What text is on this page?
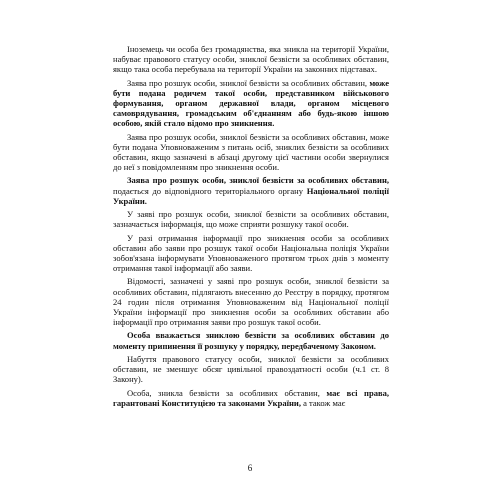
Іноземець чи особа без громадянства, яка зникла на території України, набуває правового статусу особи, зниклої безвісти за особливих обставин, якщо така особа перебувала на території України на законних підставах.

Заява про розшук особи, зниклої безвісти за особливих обставин, може бути подана родичем такої особи, представником військового формування, органом державної влади, органом місцевого самоврядування, громадським об'єднанням або будь-якою іншою особою, якій стало відомо про зникнення.

Заява про розшук особи, зниклої безвісти за особливих обставин, може бути подана Уповноваженим з питань осіб, зниклих безвісти за особливих обставин, якщо зазначені в абзаці другому цієї частини особи звернулися до неї з повідомленням про зникнення особи.

Заява про розшук особи, зниклої безвісти за особливих обставин, подається до відповідного територіального органу Національної поліції України.

У заяві про розшук особи, зниклої безвісти за особливих обставин, зазначається інформація, що може сприяти розшуку такої особи.

У разі отримання інформації про зникнення особи за особливих обставин або заяви про розшук такої особи Національна поліція України зобов'язана інформувати Уповноваженого протягом трьох днів з моменту отримання такої інформації або заяви.

Відомості, зазначені у заяві про розшук особи, зниклої безвісти за особливих обставин, підлягають внесенню до Реєстру в порядку, протягом 24 годин після отримання Уповноваженим від Національної поліції України інформації про зникнення особи за особливих обставин або інформації про отримання заяви про розшук такої особи.

Особа вважається зниклою безвісти за особливих обставин до моменту припинення її розшуку у порядку, передбаченому Законом.

Набуття правового статусу особи, зниклої безвісти за особливих обставин, не зменшує обсяг цивільної правоздатності особи (ч.1 ст. 8 Закону).

Особа, зникла безвісти за особливих обставин, має всі права, гарантовані Конституцією та законами України, а також має

6
